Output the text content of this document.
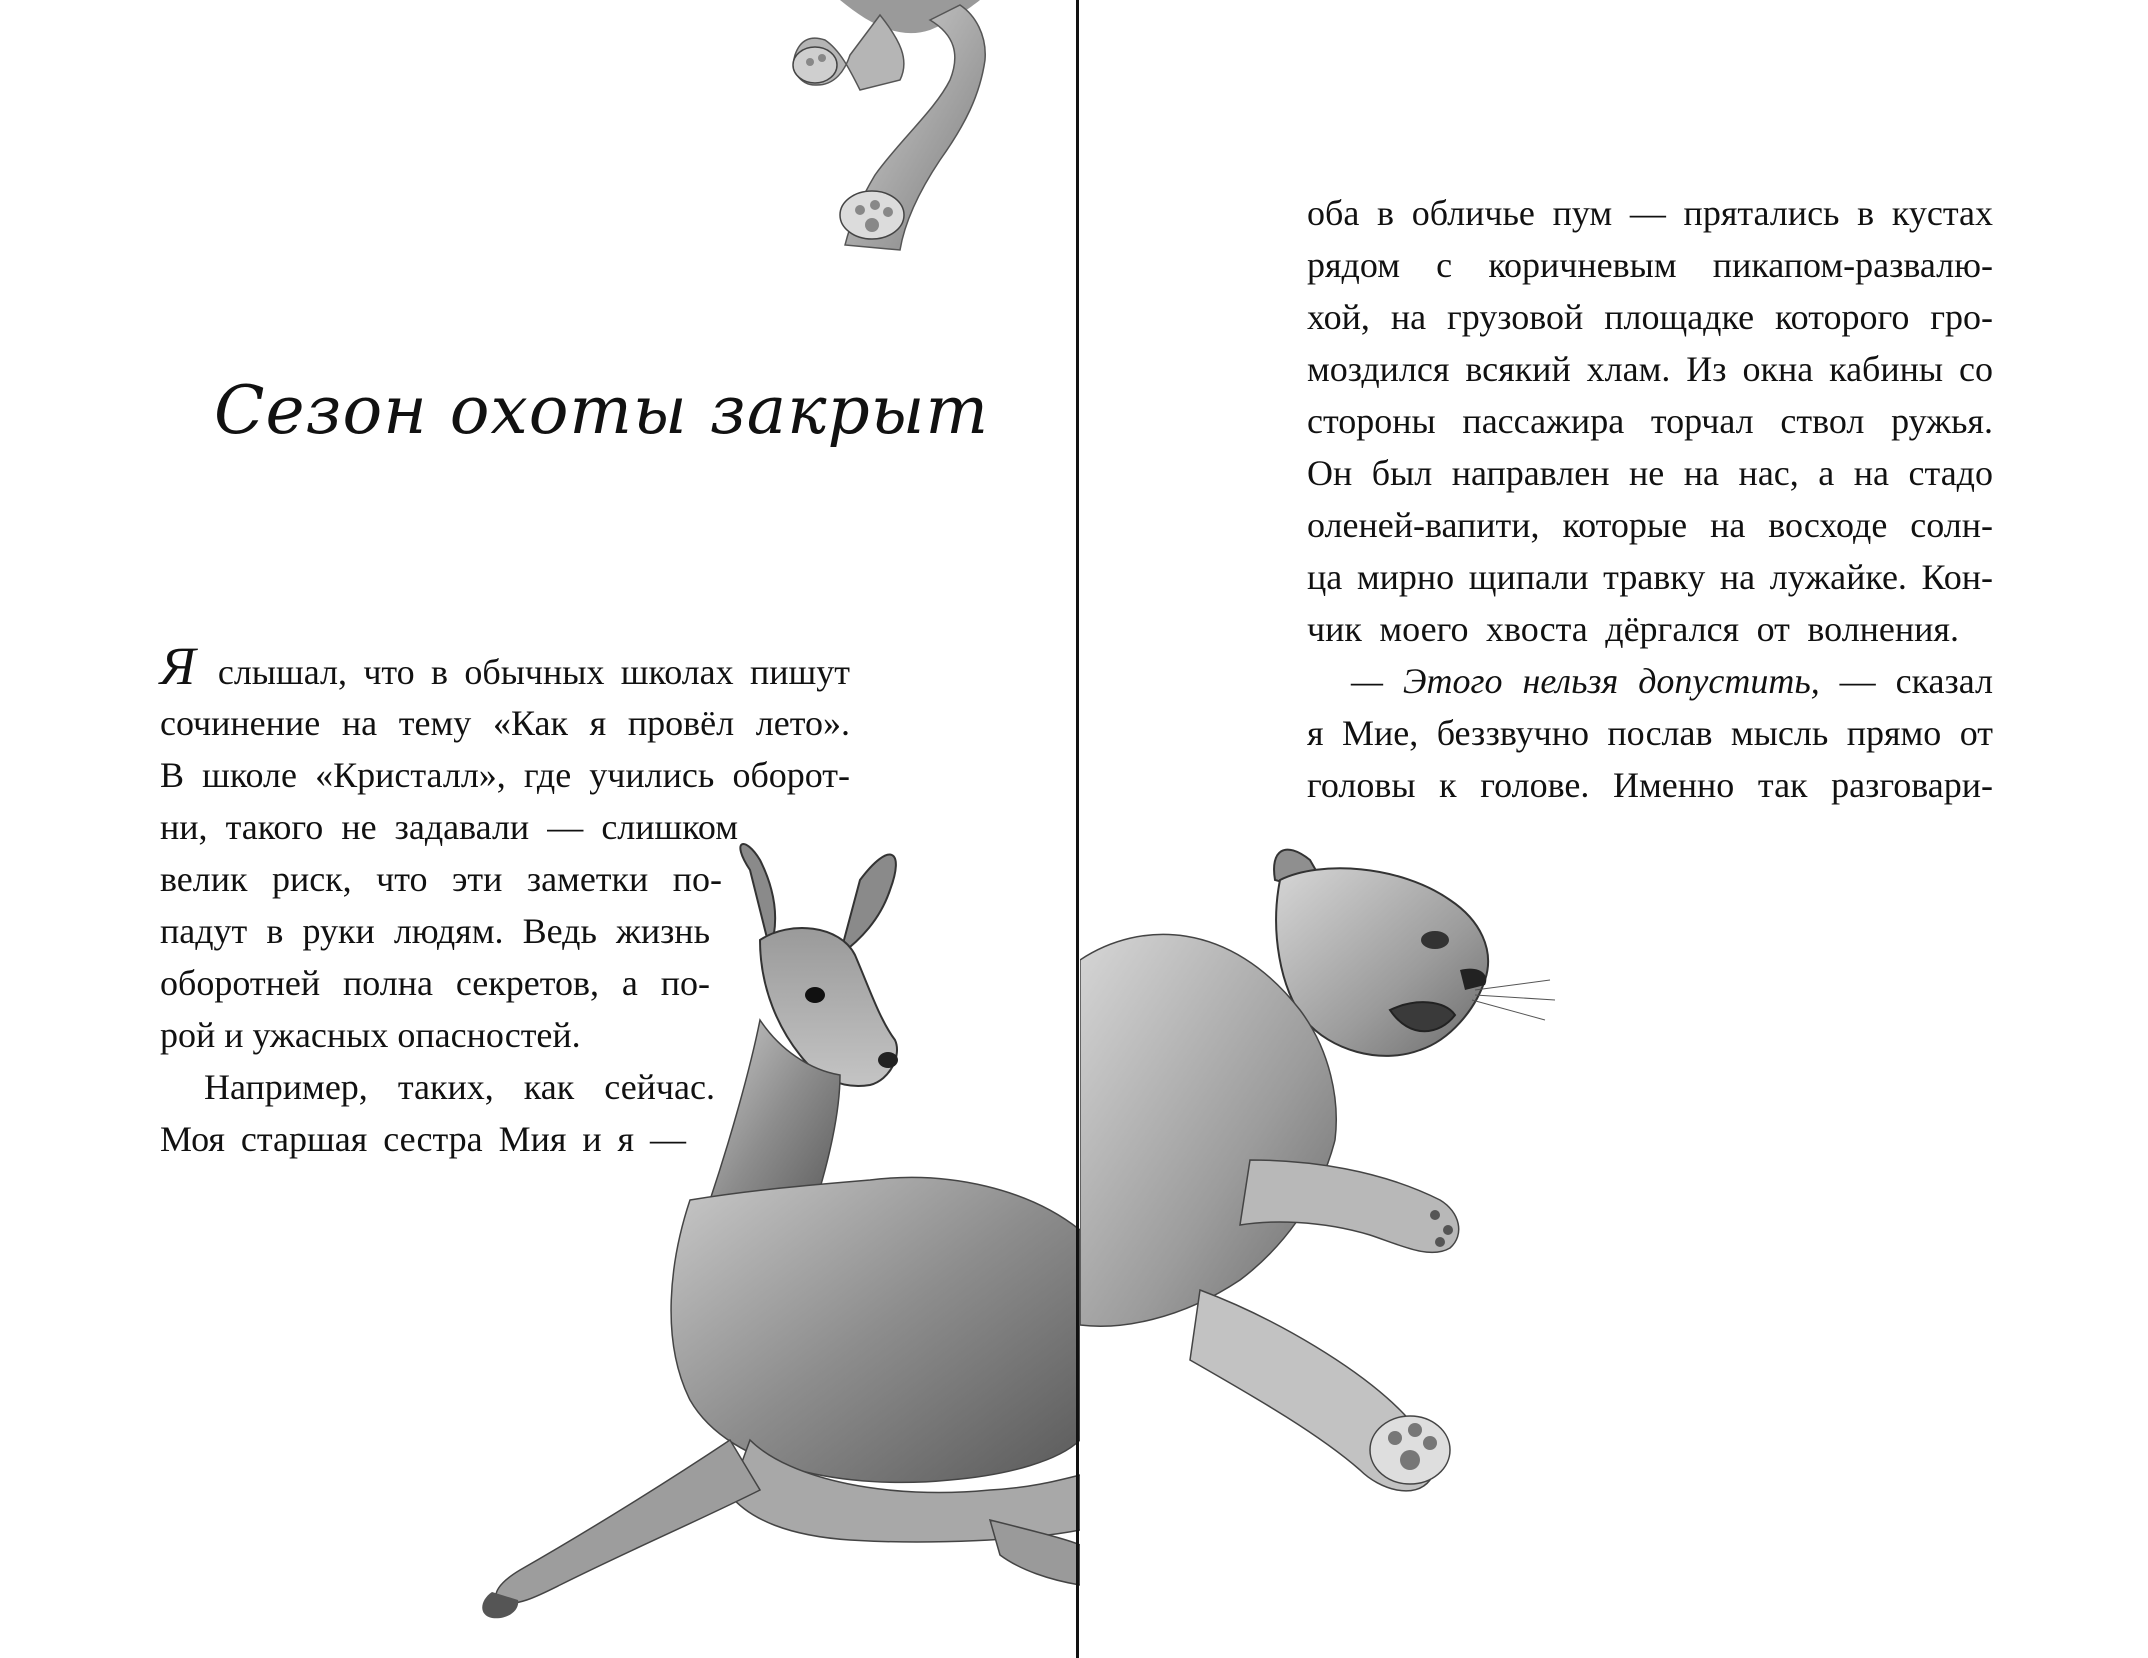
Сезон охоты закрыт
Я слышал, что в обычных школах пишут
сочинение на тему «Как я провёл лето».
В школе «Кристалл», где учились оборот-
ни, такого не задавали — слишком
велик риск, что эти заметки по-
падут в руки людям. Ведь жизнь
оборотней полна секретов, а по-
рой и ужасных опасностей.
Например, таких, как сейчас.
Моя старшая сестра Мия и я —
оба в обличье пум — прятались в кустах
рядом с коричневым пикапом-развалю-
хой, на грузовой площадке которого гро-
моздился всякий хлам. Из окна кабины со
стороны пассажира торчал ствол ружья.
Он был направлен не на нас, а на стадо
оленей-вапити, которые на восходе солн-
ца мирно щипали травку на лужайке. Кон-
чик моего хвоста дёргался от волнения.
— Этого нельзя допустить, — сказал
я Мие, беззвучно послав мысль прямо от
головы к голове. Именно так разговари-
